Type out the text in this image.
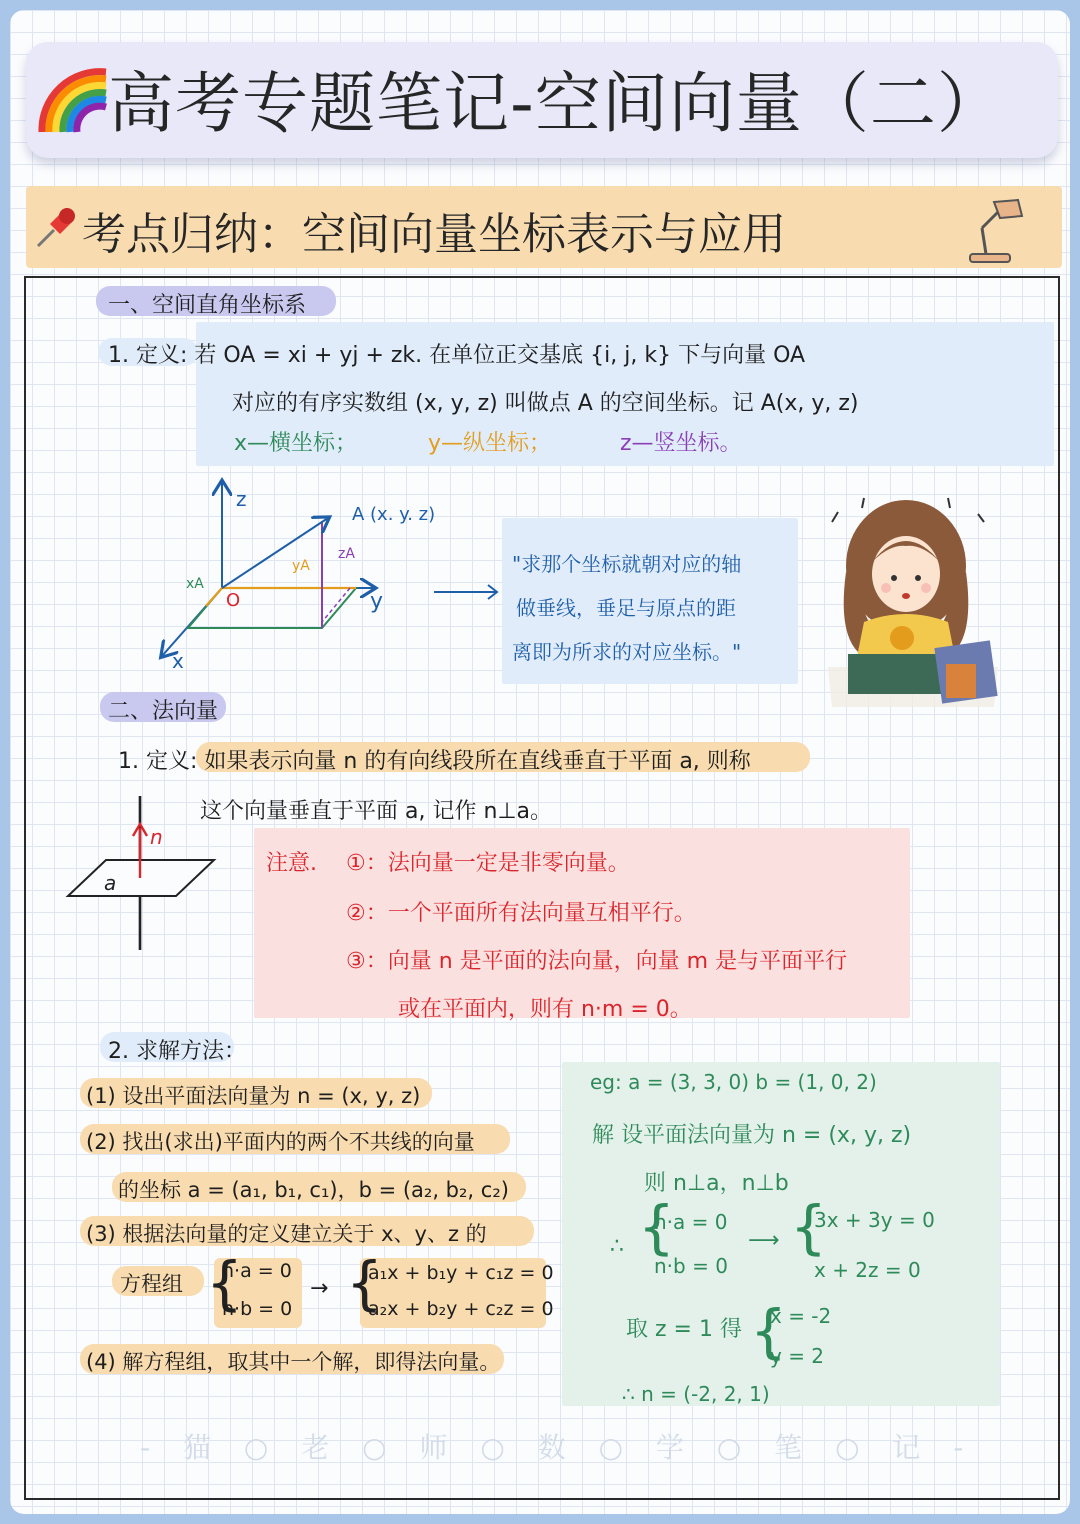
高考专题笔记-空间向量（二）
考点归纳：空间向量坐标表示与应用
一、空间直角坐标系
1. 定义: 若 OA = xi + yj + zk. 在单位正交基底 {i, j, k} 下与向量 OA
对应的有序实数组 (x, y, z) 叫做点 A 的空间坐标。记 A(x, y, z)
x—横坐标；	y—纵坐标；	z—竖坐标。
z
y
x
O
xA
yA
zA
A (x. y. z)
"求那个坐标就朝对应的轴
做垂线，垂足与原点的距
离即为所求的对应坐标。"
二、法向量
1. 定义: 如果表示向量 n 的有向线段所在直线垂直于平面 a, 则称
这个向量垂直于平面 a, 记作 n⊥a。
n
a
注意. ①：法向量一定是非零向量。
②：一个平面所有法向量互相平行。
③：向量 n 是平面的法向量，向量 m 是与平面平行
或在平面内，则有 n·m = 0。
2. 求解方法：
(1) 设出平面法向量为 n = (x, y, z)
(2) 找出(求出)平面内的两个不共线的向量
的坐标 a = (a₁, b₁, c₁)，b = (a₂, b₂, c₂)
(3) 根据法向量的定义建立关于 x、y、z 的
方程组 {
n·a = 0
n·b = 0
→ {
a₁x + b₁y + c₁z = 0
a₂x + b₂y + c₂z = 0
(4) 解方程组，取其中一个解，即得法向量。
eg: a = (3, 3, 0) b = (1, 0, 2)
解 设平面法向量为 n = (x, y, z)
则 n⊥a，n⊥b
∴ {
n·a = 0
n·b = 0
⟶ {
3x + 3y = 0
x + 2z = 0
取 z = 1 得 {
x = -2
y = 2
∴ n = (-2, 2, 1)
- 猫 ○ 老 ○ 师 ○ 数 ○ 学 ○ 笔 ○ 记 -
